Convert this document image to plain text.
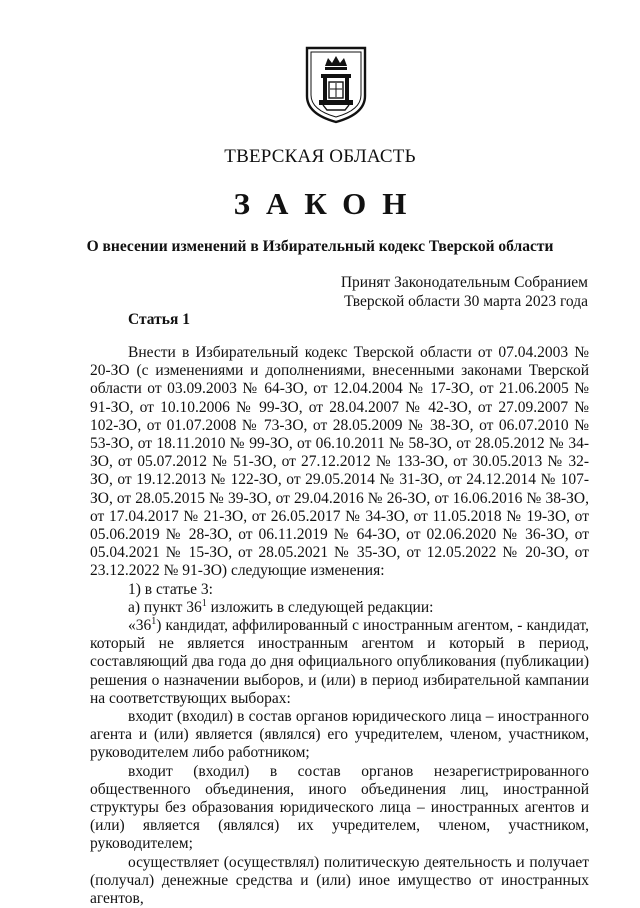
ТВЕРСКАЯ ОБЛАСТЬ
ЗАКОН
О внесении изменений в Избирательный кодекс Тверской области
Принят Законодательным Собранием
Тверской области 30 марта 2023 года
Статья 1

Внести в Избирательный кодекс Тверской области от 07.04.2003 № 20-ЗО (с изменениями и дополнениями, внесенными законами Тверской области от 03.09.2003 № 64-ЗО, от 12.04.2004 № 17-ЗО, от 21.06.2005 № 91-ЗО, от 10.10.2006 № 99-ЗО, от 28.04.2007 № 42-ЗО, от 27.09.2007 № 102-ЗО, от 01.07.2008 № 73-ЗО, от 28.05.2009 № 38-ЗО, от 06.07.2010 № 53-ЗО, от 18.11.2010 № 99-ЗО, от 06.10.2011 № 58-ЗО, от 28.05.2012 № 34-ЗО, от 05.07.2012 № 51-ЗО, от 27.12.2012 № 133-ЗО, от 30.05.2013 № 32-ЗО, от 19.12.2013 № 122-ЗО, от 29.05.2014 № 31-ЗО, от 24.12.2014 № 107-ЗО, от 28.05.2015 № 39-ЗО, от 29.04.2016 № 26-ЗО, от 16.06.2016 № 38-ЗО, от 17.04.2017 № 21-ЗО, от 26.05.2017 № 34-ЗО, от 11.05.2018 № 19-ЗО, от 05.06.2019 № 28-ЗО, от 06.11.2019 № 64-ЗО, от 02.06.2020 № 36-ЗО, от 05.04.2021 № 15-ЗО, от 28.05.2021 № 35-ЗО, от 12.05.2022 № 20-ЗО, от 23.12.2022 № 91-ЗО) следующие изменения:

1) в статье 3:

а) пункт $36^1$ изложить в следующей редакции:

«$36^1$) кандидат, аффилированный с иностранным агентом, - кандидат, который не является иностранным агентом и который в период, составляющий два года до дня официального опубликования (публикации) решения о назначении выборов, и (или) в период избирательной кампании на соответствующих выборах:

входит (входил) в состав органов юридического лица – иностранного агента и (или) является (являлся) его учредителем, членом, участником, руководителем либо работником;

входит (входил) в состав органов незарегистрированного общественного объединения, иного объединения лиц, иностранной структуры без образования юридического лица – иностранных агентов и (или) является (являлся) их учредителем, членом, участником, руководителем;

осуществляет (осуществлял) политическую деятельность и получает (получал) денежные средства и (или) иное имущество от иностранных агентов,
